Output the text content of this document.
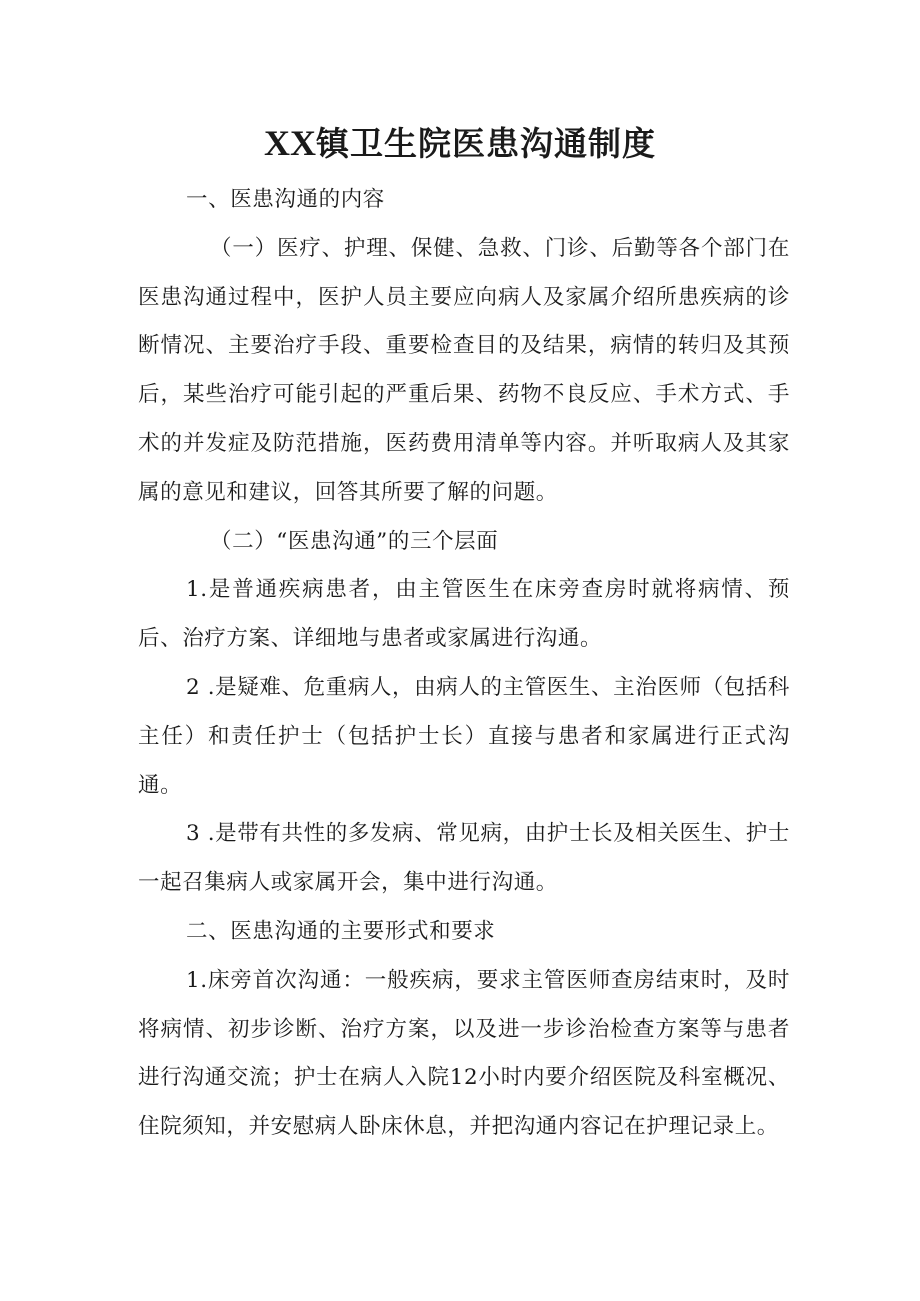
XX镇卫生院医患沟通制度

一、医患沟通的内容

（一）医疗、护理、保健、急救、门诊、后勤等各个部门在医患沟通过程中，医护人员主要应向病人及家属介绍所患疾病的诊断情况、主要治疗手段、重要检查目的及结果，病情的转归及其预后，某些治疗可能引起的严重后果、药物不良反应、手术方式、手术的并发症及防范措施，医药费用清单等内容。并听取病人及其家属的意见和建议，回答其所要了解的问题。

（二）“医患沟通”的三个层面

1.是普通疾病患者，由主管医生在床旁查房时就将病情、预后、治疗方案、详细地与患者或家属进行沟通。

2 .是疑难、危重病人，由病人的主管医生、主治医师（包括科主任）和责任护士（包括护士长）直接与患者和家属进行正式沟通。

3 .是带有共性的多发病、常见病，由护士长及相关医生、护士一起召集病人或家属开会，集中进行沟通。

二、医患沟通的主要形式和要求

1.床旁首次沟通：一般疾病，要求主管医师查房结束时，及时将病情、初步诊断、治疗方案，以及进一步诊治检查方案等与患者进行沟通交流；护士在病人入院12小时内要介绍医院及科室概况、住院须知，并安慰病人卧床休息，并把沟通内容记在护理记录上。
